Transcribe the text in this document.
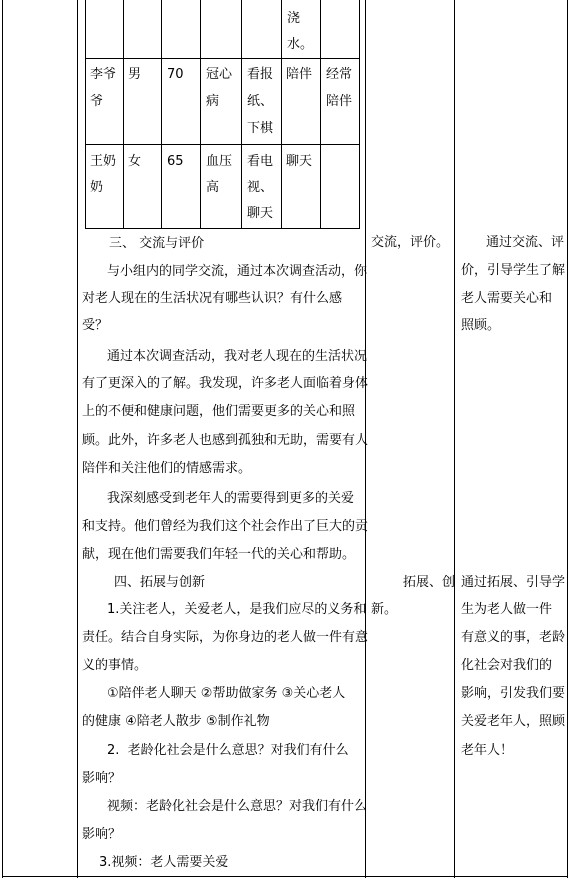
浇
水。
李爷
爷
男 70 冠心
病
看报
纸、
下棋
陪伴 经常
陪伴
王奶
奶
女 65 血压
高
看电
视、
聊天
聊天
三、 交流与评价
与小组内的同学交流，通过本次调查活动，你
对老人现在的生活状况有哪些认识？有什么感
受？
通过本次调查活动，我对老人现在的生活状况
有了更深入的了解。我发现，许多老人面临着身体
上的不便和健康问题，他们需要更多的关心和照
顾。此外，许多老人也感到孤独和无助，需要有人
陪伴和关注他们的情感需求。
我深刻感受到老年人的需要得到更多的关爱
和支持。他们曾经为我们这个社会作出了巨大的贡
献，现在他们需要我们年轻一代的关心和帮助。
交流，评价。	通过交流、评
价，引导学生了解
老人需要关心和
照顾。
四、拓展与创新
1.关注老人，关爱老人，是我们应尽的义务和
责任。结合自身实际，为你身边的老人做一件有意
义的事情。
①陪伴老人聊天 ②帮助做家务 ③关心老人
的健康 ④陪老人散步 ⑤制作礼物
2.  老龄化社会是什么意思？对我们有什么
影响？
视频：老龄化社会是什么意思？对我们有什么
影响？
3.视频：老人需要关爱
拓展、创
新。
通过拓展、引导学
生为老人做一件
有意义的事，老龄
化社会对我们的
影响，引发我们要
关爱老年人，照顾
老年人！
